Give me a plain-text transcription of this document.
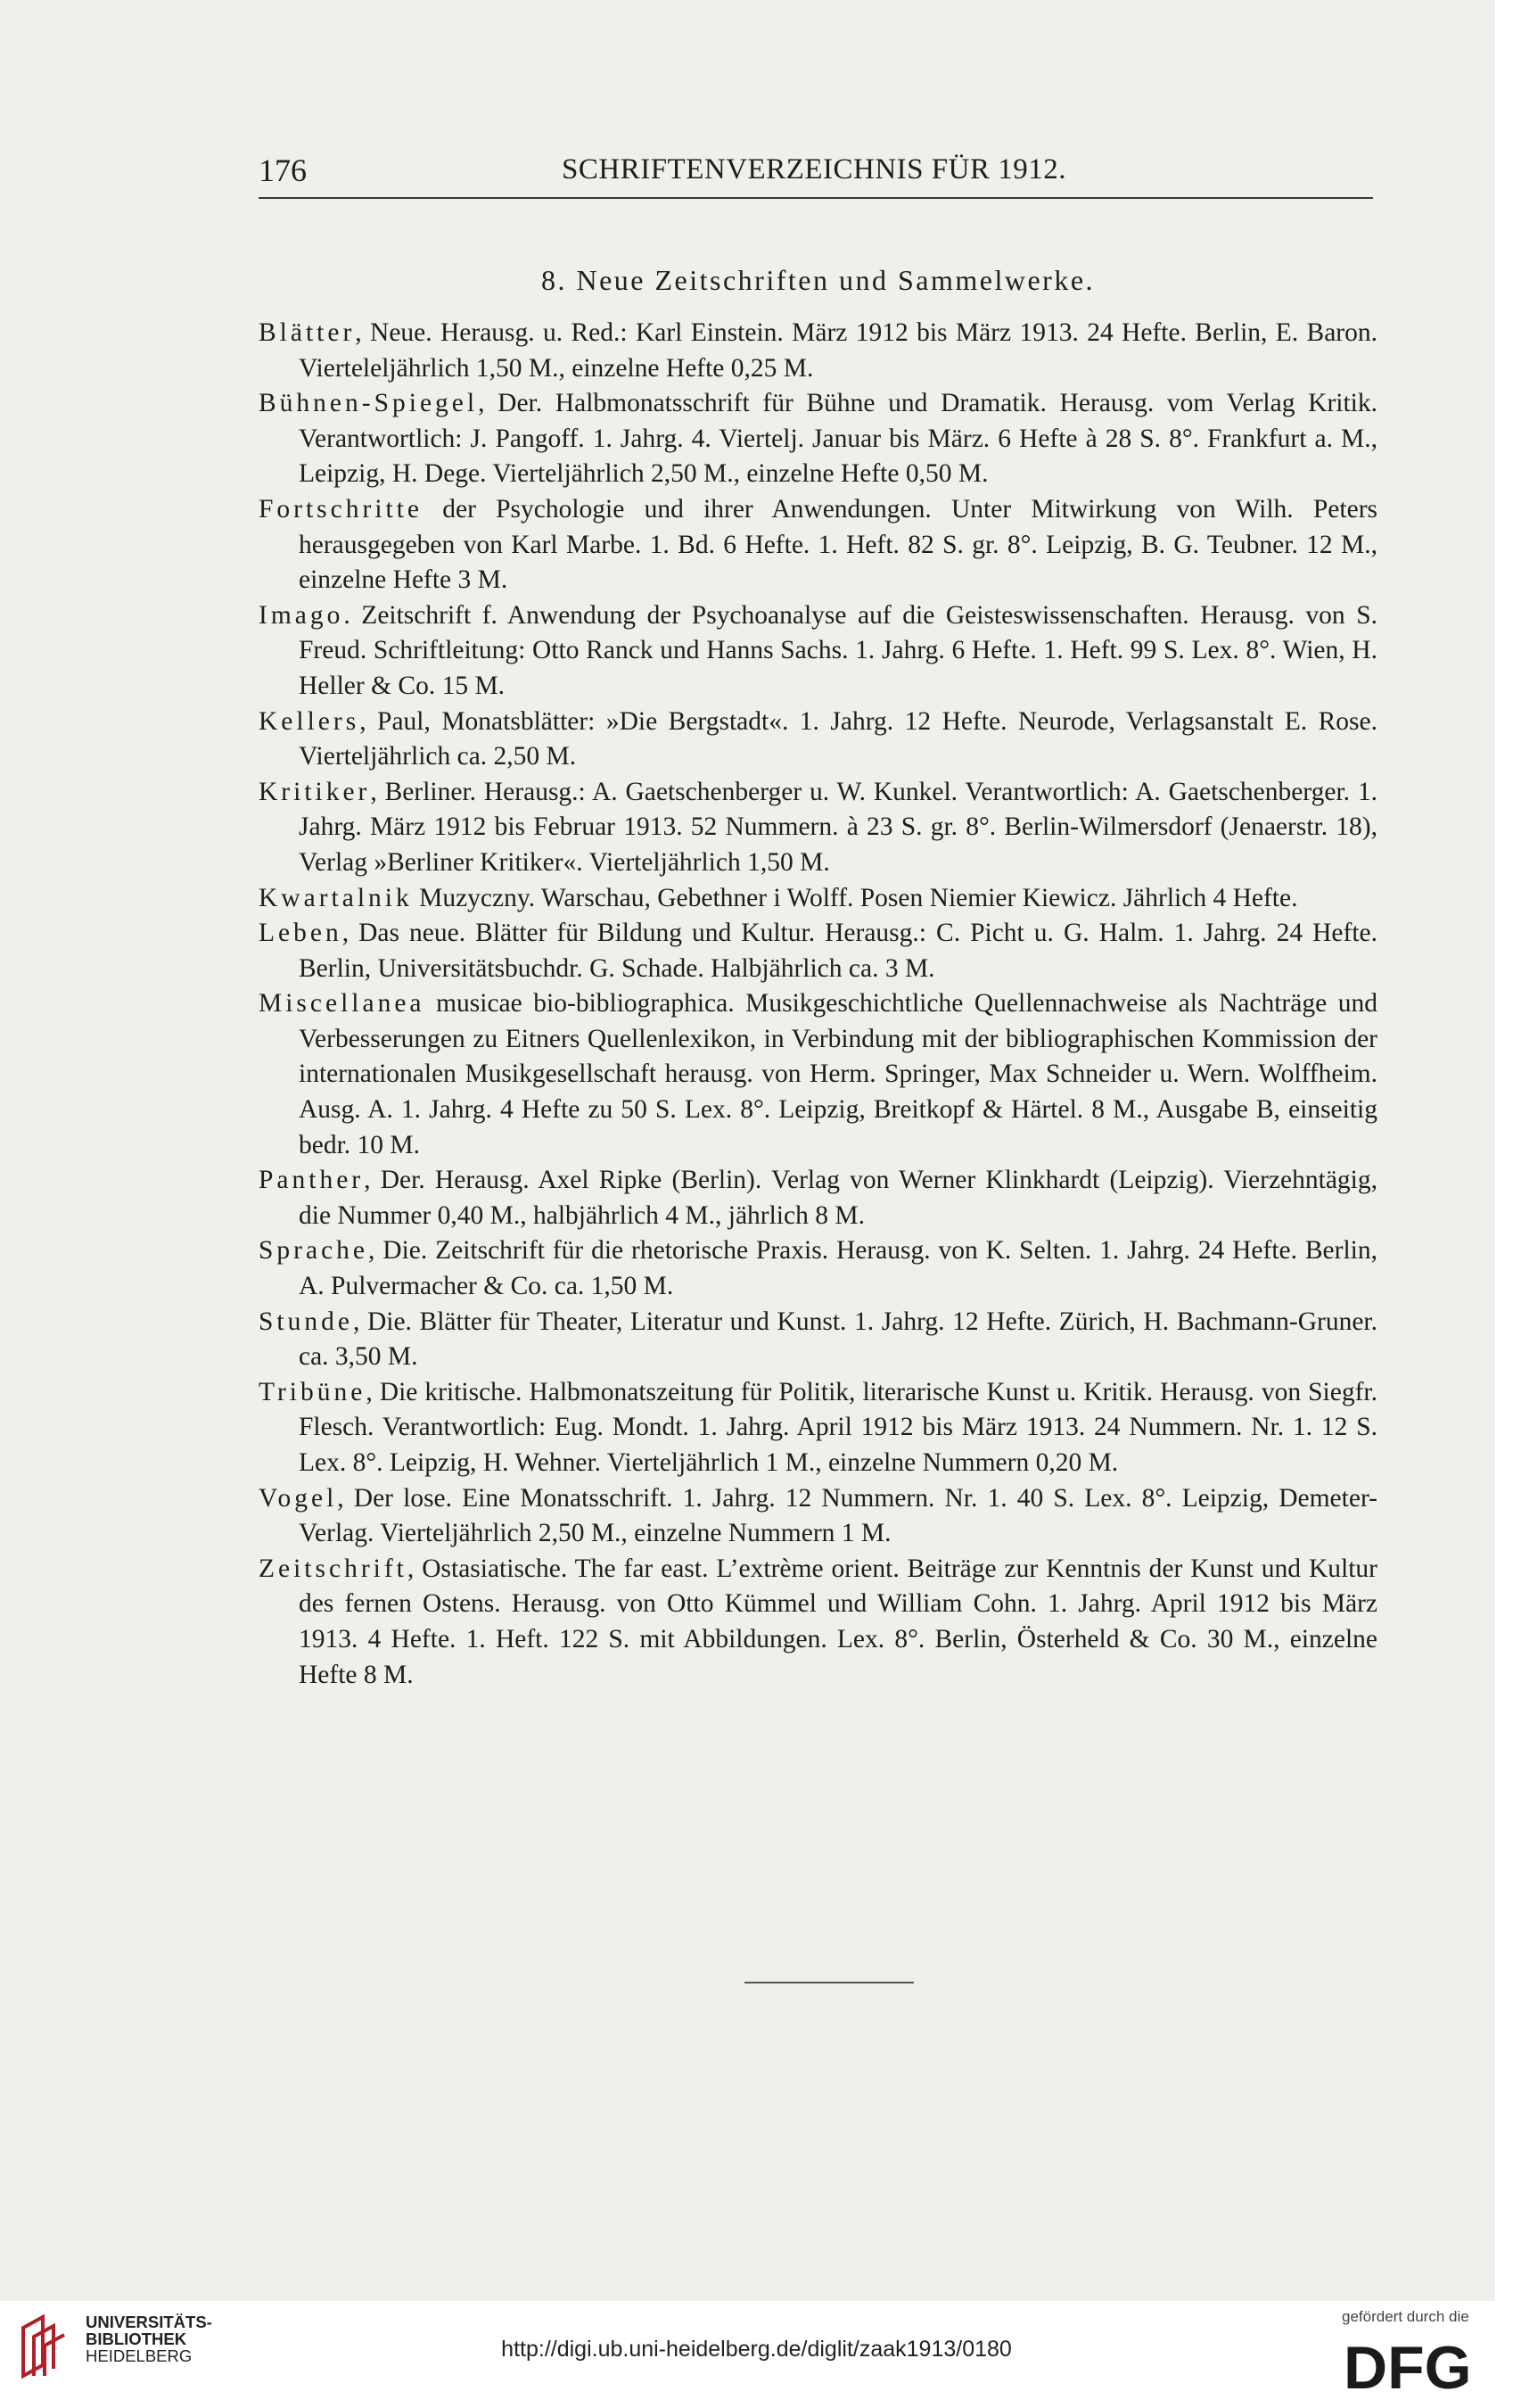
176	SCHRIFTENVERZEICHNIS FÜR 1912.
8. Neue Zeitschriften und Sammelwerke.
Blätter, Neue. Herausg. u. Red.: Karl Einstein. März 1912 bis März 1913. 24 Hefte. Berlin, E. Baron. Vierteleljährlich 1,50 M., einzelne Hefte 0,25 M.
Bühnen-Spiegel, Der. Halbmonatsschrift für Bühne und Dramatik. Herausg. vom Verlag Kritik. Verantwortlich: J. Pangoff. 1. Jahrg. 4. Viertelj. Januar bis März. 6 Hefte à 28 S. 8°. Frankfurt a. M., Leipzig, H. Dege. Vierteljährlich 2,50 M., einzelne Hefte 0,50 M.
Fortschritte der Psychologie und ihrer Anwendungen. Unter Mitwirkung von Wilh. Peters herausgegeben von Karl Marbe. 1. Bd. 6 Hefte. 1. Heft. 82 S. gr. 8°. Leipzig, B. G. Teubner. 12 M., einzelne Hefte 3 M.
Imago. Zeitschrift f. Anwendung der Psychoanalyse auf die Geisteswissenschaften. Herausg. von S. Freud. Schriftleitung: Otto Ranck und Hanns Sachs. 1. Jahrg. 6 Hefte. 1. Heft. 99 S. Lex. 8°. Wien, H. Heller & Co. 15 M.
Kellers, Paul, Monatsblätter: »Die Bergstadt«. 1. Jahrg. 12 Hefte. Neurode, Verlagsanstalt E. Rose. Vierteljährlich ca. 2,50 M.
Kritiker, Berliner. Herausg.: A. Gaetschenberger u. W. Kunkel. Verantwortlich: A. Gaetschenberger. 1. Jahrg. März 1912 bis Februar 1913. 52 Nummern. à 23 S. gr. 8°. Berlin-Wilmersdorf (Jenaerstr. 18), Verlag »Berliner Kritiker«. Vierteljährlich 1,50 M.
Kwartalnik Muzyczny. Warschau, Gebethner i Wolff. Posen Niemier Kiewicz. Jährlich 4 Hefte.
Leben, Das neue. Blätter für Bildung und Kultur. Herausg.: C. Picht u. G. Halm. 1. Jahrg. 24 Hefte. Berlin, Universitätsbuchdr. G. Schade. Halbjährlich ca. 3 M.
Miscellanea musicae bio-bibliographica. Musikgeschichtliche Quellennachweise als Nachträge und Verbesserungen zu Eitners Quellenlexikon, in Verbindung mit der bibliographischen Kommission der internationalen Musikgesellschaft herausg. von Herm. Springer, Max Schneider u. Wern. Wolffheim. Ausg. A. 1. Jahrg. 4 Hefte zu 50 S. Lex. 8°. Leipzig, Breitkopf & Härtel. 8 M., Ausgabe B, einseitig bedr. 10 M.
Panther, Der. Herausg. Axel Ripke (Berlin). Verlag von Werner Klinkhardt (Leipzig). Vierzehntägig, die Nummer 0,40 M., halbjährlich 4 M., jährlich 8 M.
Sprache, Die. Zeitschrift für die rhetorische Praxis. Herausg. von K. Selten. 1. Jahrg. 24 Hefte. Berlin, A. Pulvermacher & Co. ca. 1,50 M.
Stunde, Die. Blätter für Theater, Literatur und Kunst. 1. Jahrg. 12 Hefte. Zürich, H. Bachmann-Gruner. ca. 3,50 M.
Tribüne, Die kritische. Halbmonatszeitung für Politik, literarische Kunst u. Kritik. Herausg. von Siegfr. Flesch. Verantwortlich: Eug. Mondt. 1. Jahrg. April 1912 bis März 1913. 24 Nummern. Nr. 1. 12 S. Lex. 8°. Leipzig, H. Wehner. Vierteljährlich 1 M., einzelne Nummern 0,20 M.
Vogel, Der lose. Eine Monatsschrift. 1. Jahrg. 12 Nummern. Nr. 1. 40 S. Lex. 8°. Leipzig, Demeter-Verlag. Vierteljährlich 2,50 M., einzelne Nummern 1 M.
Zeitschrift, Ostasiatische. The far east. L’extrème orient. Beiträge zur Kenntnis der Kunst und Kultur des fernen Ostens. Herausg. von Otto Kümmel und William Cohn. 1. Jahrg. April 1912 bis März 1913. 4 Hefte. 1. Heft. 122 S. mit Abbildungen. Lex. 8°. Berlin, Österheld & Co. 30 M., einzelne Hefte 8 M.
UNIVERSITÄTS-
BIBLIOTHEK
HEIDELBERG	http://digi.ub.uni-heidelberg.de/diglit/zaak1913/0180
gefördert durch die
DFG
